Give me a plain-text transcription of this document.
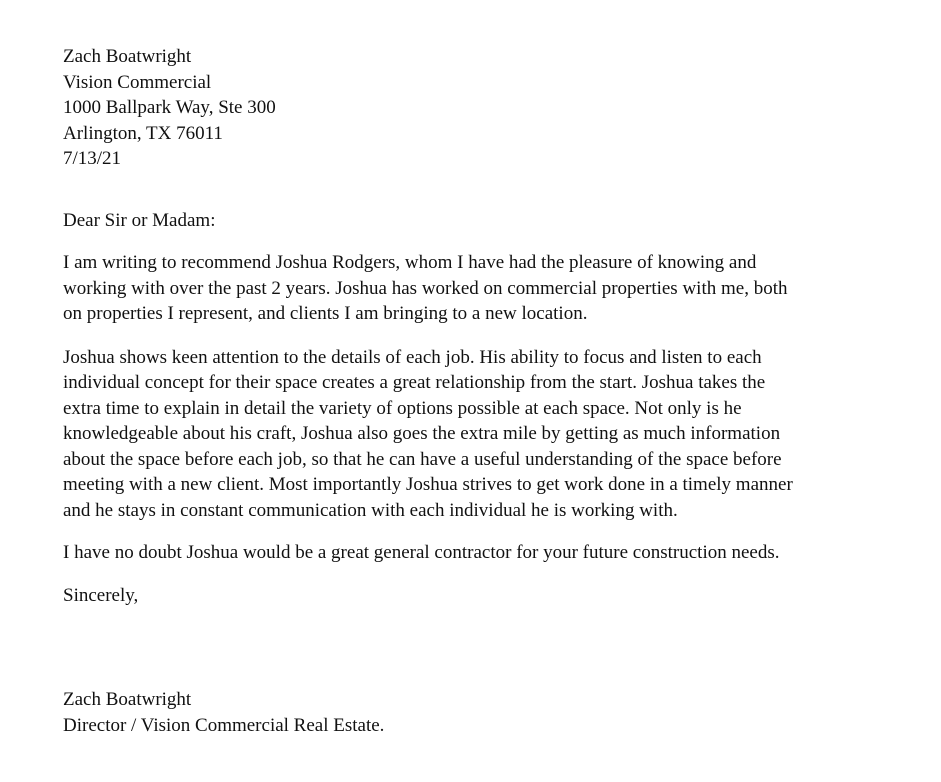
Zach Boatwright
Vision Commercial
1000 Ballpark Way, Ste 300
Arlington, TX 76011
7/13/21
Dear Sir or Madam:
I am writing to recommend Joshua Rodgers, whom I have had the pleasure of knowing and
working with over the past 2 years. Joshua has worked on commercial properties with me, both
on properties I represent, and clients I am bringing to a new location.
Joshua shows keen attention to the details of each job. His ability to focus and listen to each
individual concept for their space creates a great relationship from the start. Joshua takes the
extra time to explain in detail the variety of options possible at each space. Not only is he
knowledgeable about his craft, Joshua also goes the extra mile by getting as much information
about the space before each job, so that he can have a useful understanding of the space before
meeting with a new client. Most importantly Joshua strives to get work done in a timely manner
and he stays in constant communication with each individual he is working with.
I have no doubt Joshua would be a great general contractor for your future construction needs.
Sincerely,
Zach Boatwright
Director / Vision Commercial Real Estate.
